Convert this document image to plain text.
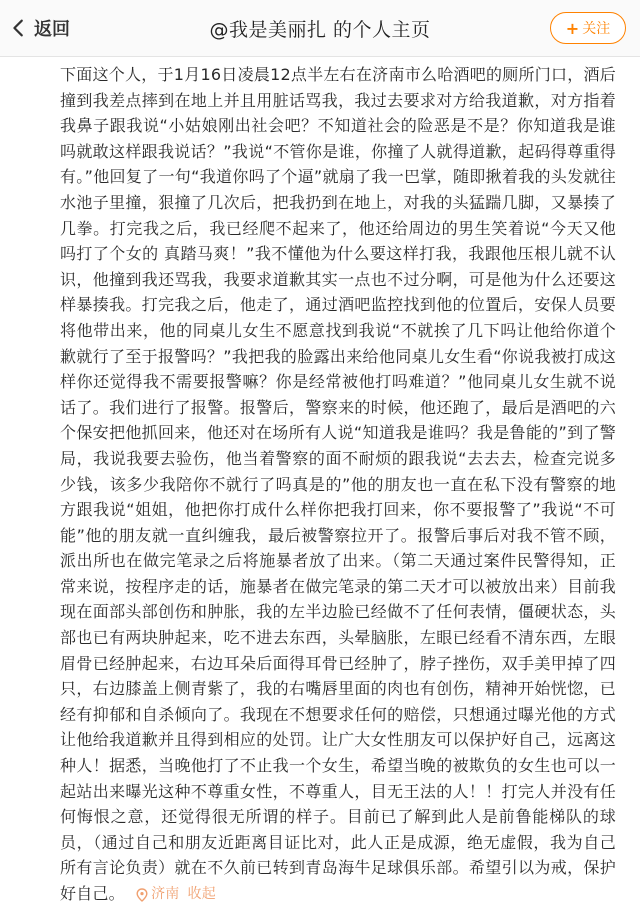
返回	@我是美丽扎 的个人主页	+ 关注

下面这个人，于1月16日凌晨12点半左右在济南市么哈酒吧的厕所门口，酒后撞到我差点摔到在地上并且用脏话骂我，我过去要求对方给我道歉，对方指着我鼻子跟我说“小姑娘刚出社会吧？不知道社会的险恶是不是？你知道我是谁吗就敢这样跟我说话？”我说“不管你是谁，你撞了人就得道歉，起码得尊重得有。”他回复了一句“我道你吗了个逼”就扇了我一巴掌，随即揪着我的头发就往水池子里撞，狠撞了几次后，把我扔到在地上，对我的头猛踹几脚，又暴揍了几拳。打完我之后，我已经爬不起来了，他还给周边的男生笑着说“今天又他吗打了个女的 真踏马爽！”我不懂他为什么要这样打我，我跟他压根儿就不认识，他撞到我还骂我，我要求道歉其实一点也不过分啊，可是他为什么还要这样暴揍我。打完我之后，他走了，通过酒吧监控找到他的位置后，安保人员要将他带出来，他的同桌儿女生不愿意找到我说“不就挨了几下吗让他给你道个歉就行了至于报警吗？”我把我的脸露出来给他同桌儿女生看“你说我被打成这样你还觉得我不需要报警嘛？你是经常被他打吗难道？”他同桌儿女生就不说话了。我们进行了报警。报警后，警察来的时候，他还跑了，最后是酒吧的六个保安把他抓回来，他还对在场所有人说“知道我是谁吗？我是鲁能的”到了警局，我说我要去验伤，他当着警察的面不耐烦的跟我说“去去去，检查完说多少钱，该多少我陪你不就行了吗真是的”他的朋友也一直在私下没有警察的地方跟我说“姐姐，他把你打成什么样你把我打回来，你不要报警了”我说“不可能”他的朋友就一直纠缠我，最后被警察拉开了。报警后事后对我不管不顾，派出所也在做完笔录之后将施暴者放了出来。（第二天通过案件民警得知，正常来说，按程序走的话，施暴者在做完笔录的第二天才可以被放出来）目前我现在面部头部创伤和肿胀，我的左半边脸已经做不了任何表情，僵硬状态，头部也已有两块肿起来，吃不进去东西，头晕脑胀，左眼已经看不清东西，左眼眉骨已经肿起来，右边耳朵后面得耳骨已经肿了，脖子挫伤，双手美甲掉了四只，右边膝盖上侧青紫了，我的右嘴唇里面的肉也有创伤，精神开始恍惚，已经有抑郁和自杀倾向了。我现在不想要求任何的赔偿，只想通过曝光他的方式让他给我道歉并且得到相应的处罚。让广大女性朋友可以保护好自己，远离这种人！据悉，当晚他打了不止我一个女生，希望当晚的被欺负的女生也可以一起站出来曝光这种不尊重女性，不尊重人，目无王法的人！！打完人并没有任何悔恨之意，还觉得很无所谓的样子。目前已了解到此人是前鲁能梯队的球员，（通过自己和朋友近距离目证比对，此人正是成源，绝无虚假，我为自己所有言论负责）就在不久前已转到青岛海牛足球俱乐部。希望引以为戒，保护好自己。 济南 收起
